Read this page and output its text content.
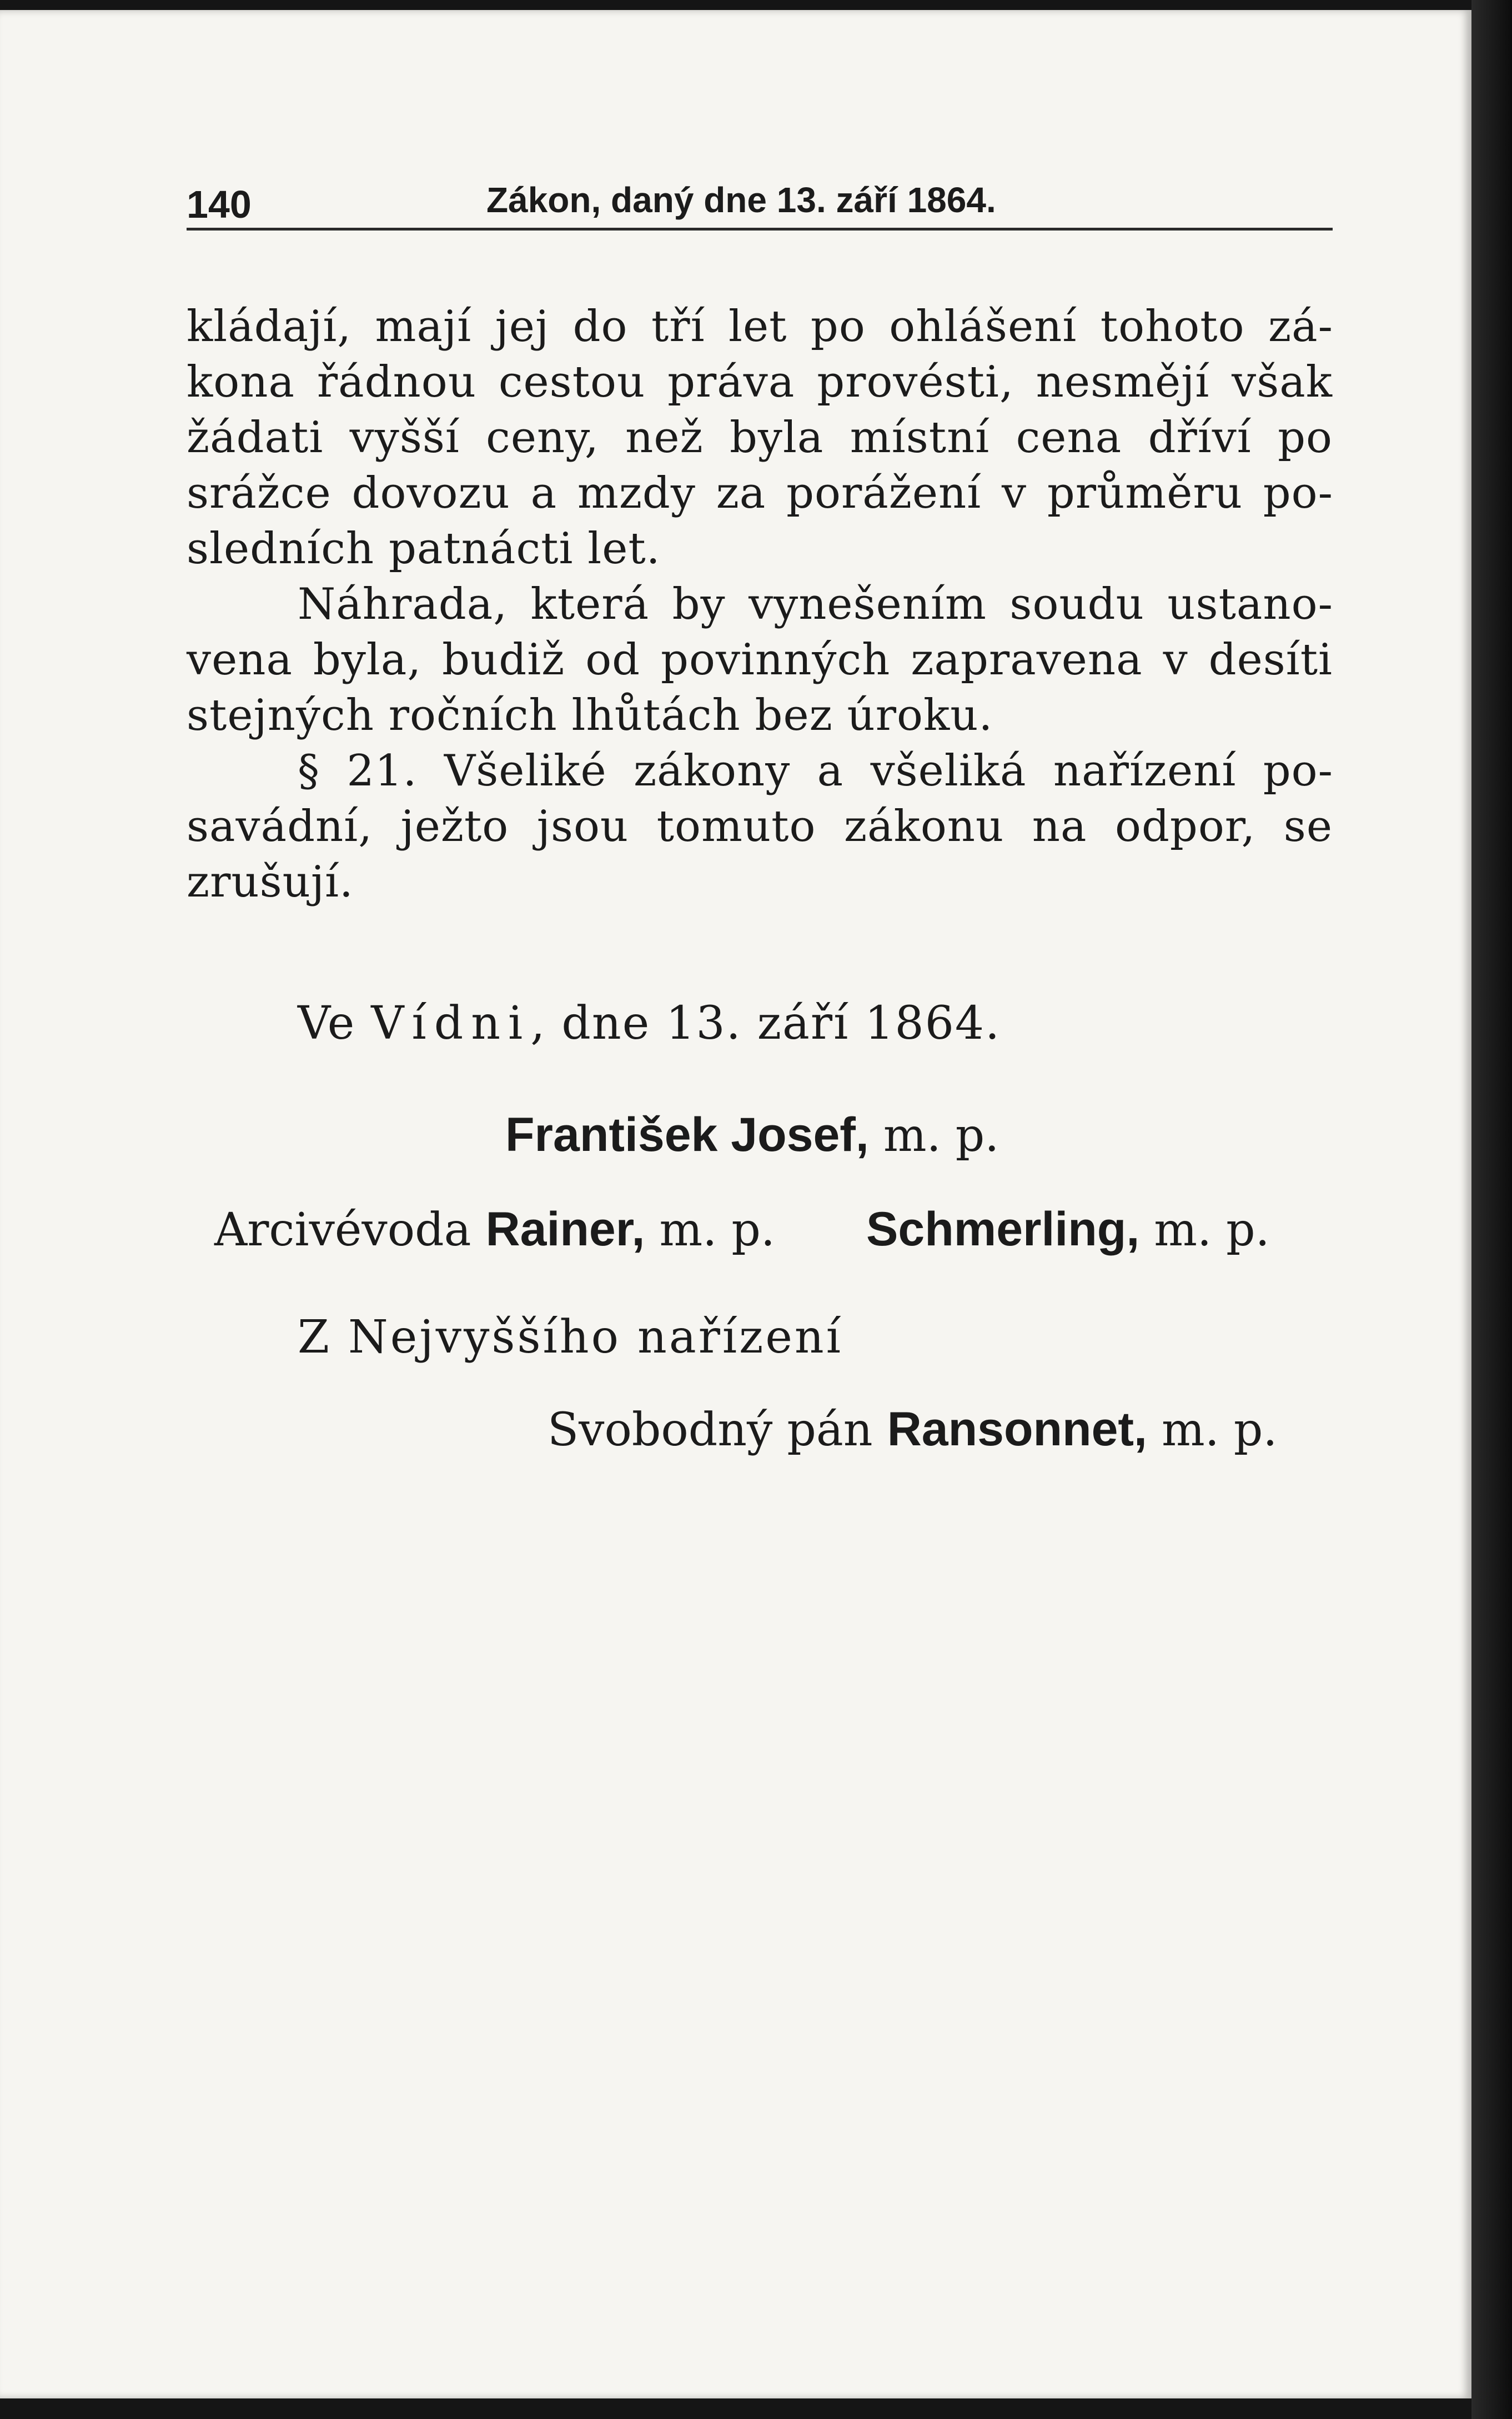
140	Zákon, daný dne 13. září 1864.

kládají, mají jej do tří let po ohlášení tohoto zákona řádnou cestou práva provésti, nesmějí však žádati vyšší ceny, než byla místní cena dříví po srážce dovozu a mzdy za porážení v průměru posledních patnácti let.

Náhrada, která by vynešením soudu ustanovena byla, budiž od povinných zapravena v desíti stejných ročních lhůtách bez úroku.

§ 21. Všeliké zákony a všeliká nařízení posavádní, ježto jsou tomuto zákonu na odpor, se zrušují.

Ve Vídni, dne 13. září 1864.
František Josef, m. p.
Arcivévoda Rainer, m. p. Schmerling, m. p.
Z Nejvyššího nařízení
Svobodný pán Ransonnet, m. p.
